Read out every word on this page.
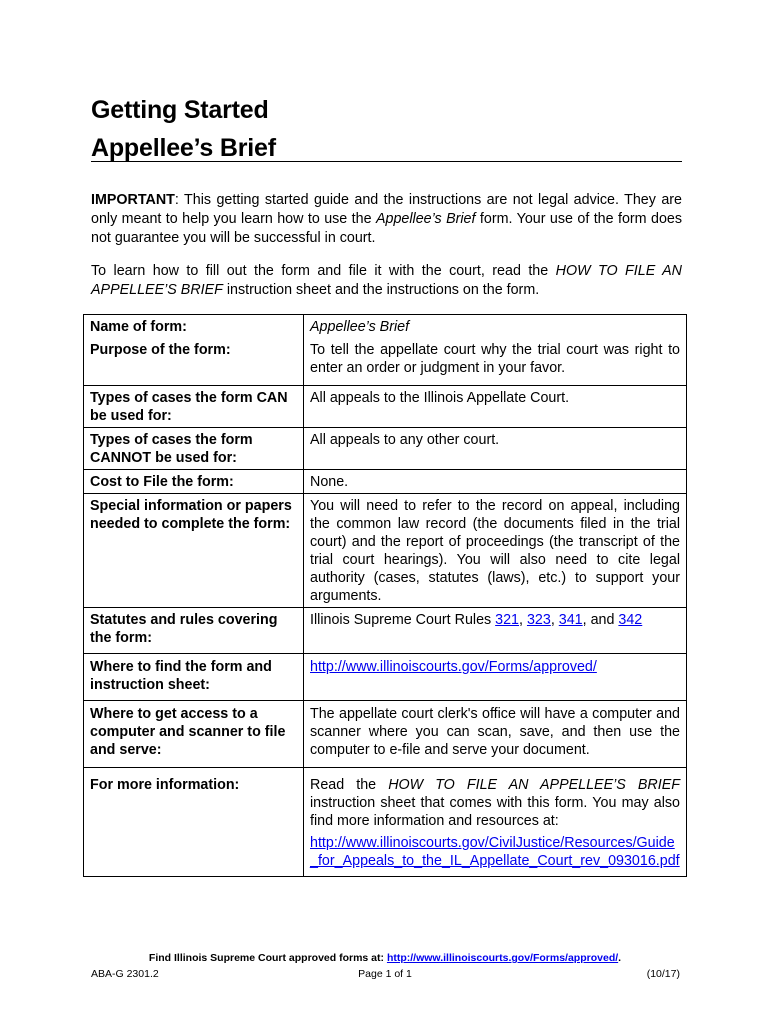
Getting Started
Appellee’s Brief
IMPORTANT: This getting started guide and the instructions are not legal advice. They are only meant to help you learn how to use the Appellee’s Brief form. Your use of the form does not guarantee you will be successful in court.
To learn how to fill out the form and file it with the court, read the HOW TO FILE AN APPELLEE’S BRIEF instruction sheet and the instructions on the form.
Name of form:	Appellee’s Brief
Purpose of the form:	To tell the appellate court why the trial court was right to enter an order or judgment in your favor.
Types of cases the form CAN be used for:	All appeals to the Illinois Appellate Court.
Types of cases the form CANNOT be used for:	All appeals to any other court.
Cost to File the form:	None.
Special information or papers needed to complete the form:	You will need to refer to the record on appeal, including the common law record (the documents filed in the trial court) and the report of proceedings (the transcript of the trial court hearings). You will also need to cite legal authority (cases, statutes (laws), etc.) to support your arguments.
Statutes and rules covering the form:	Illinois Supreme Court Rules 321, 323, 341, and 342
Where to find the form and instruction sheet:	http://www.illinoiscourts.gov/Forms/approved/
Where to get access to a computer and scanner to file and serve:	The appellate court clerk's office will have a computer and scanner where you can scan, save, and then use the computer to e-file and serve your document.
For more information:	Read the HOW TO FILE AN APPELLEE’S BRIEF instruction sheet that comes with this form. You may also find more information and resources at:
http://www.illinoiscourts.gov/CivilJustice/Resources/Guide_for_Appeals_to_the_IL_Appellate_Court_rev_093016.pdf
Find Illinois Supreme Court approved forms at: http://www.illinoiscourts.gov/Forms/approved/.
ABA-G 2301.2	Page 1 of 1	(10/17)
